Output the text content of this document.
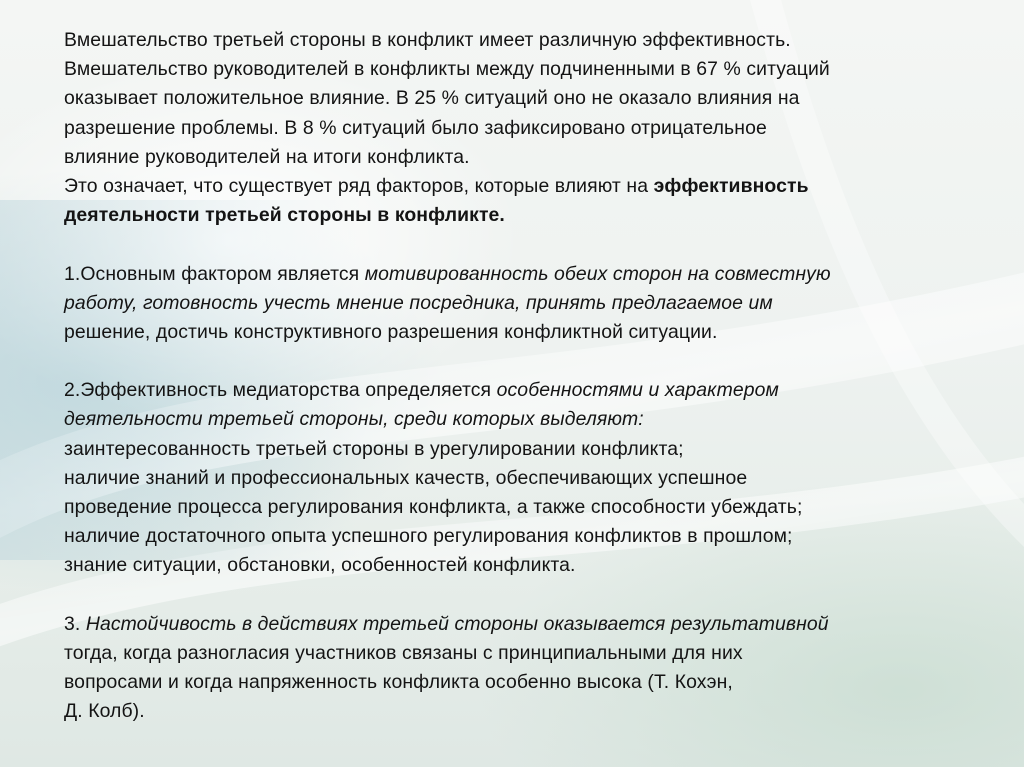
Вмешательство третьей стороны в конфликт имеет различную эффективность.
Вмешательство руководителей в конфликты между подчиненными в 67 % ситуаций
оказывает положительное влияние. В 25 % ситуаций оно не оказало влияния на
разрешение проблемы. В 8 % ситуаций было зафиксировано отрицательное
влияние руководителей на итоги конфликта.
Это означает, что существует ряд факторов, которые влияют на эффективность
деятельности третьей стороны в конфликте.
1.Основным фактором является мотивированность обеих сторон на совместную
работу, готовность учесть мнение посредника, принять предлагаемое им
решение, достичь конструктивного разрешения конфликтной ситуации.
2.Эффективность медиаторства определяется особенностями и характером
деятельности третьей стороны, среди которых выделяют:
заинтересованность третьей стороны в урегулировании конфликта;
наличие знаний и профессиональных качеств, обеспечивающих успешное
проведение процесса регулирования конфликта, а также способности убеждать;
наличие достаточного опыта успешного регулирования конфликтов в прошлом;
знание ситуации, обстановки, особенностей конфликта.
3. Настойчивость в действиях третьей стороны оказывается результативной
тогда, когда разногласия участников связаны с принципиальными для них
вопросами и когда напряженность конфликта особенно высока (Т. Кохэн,
Д. Колб).
